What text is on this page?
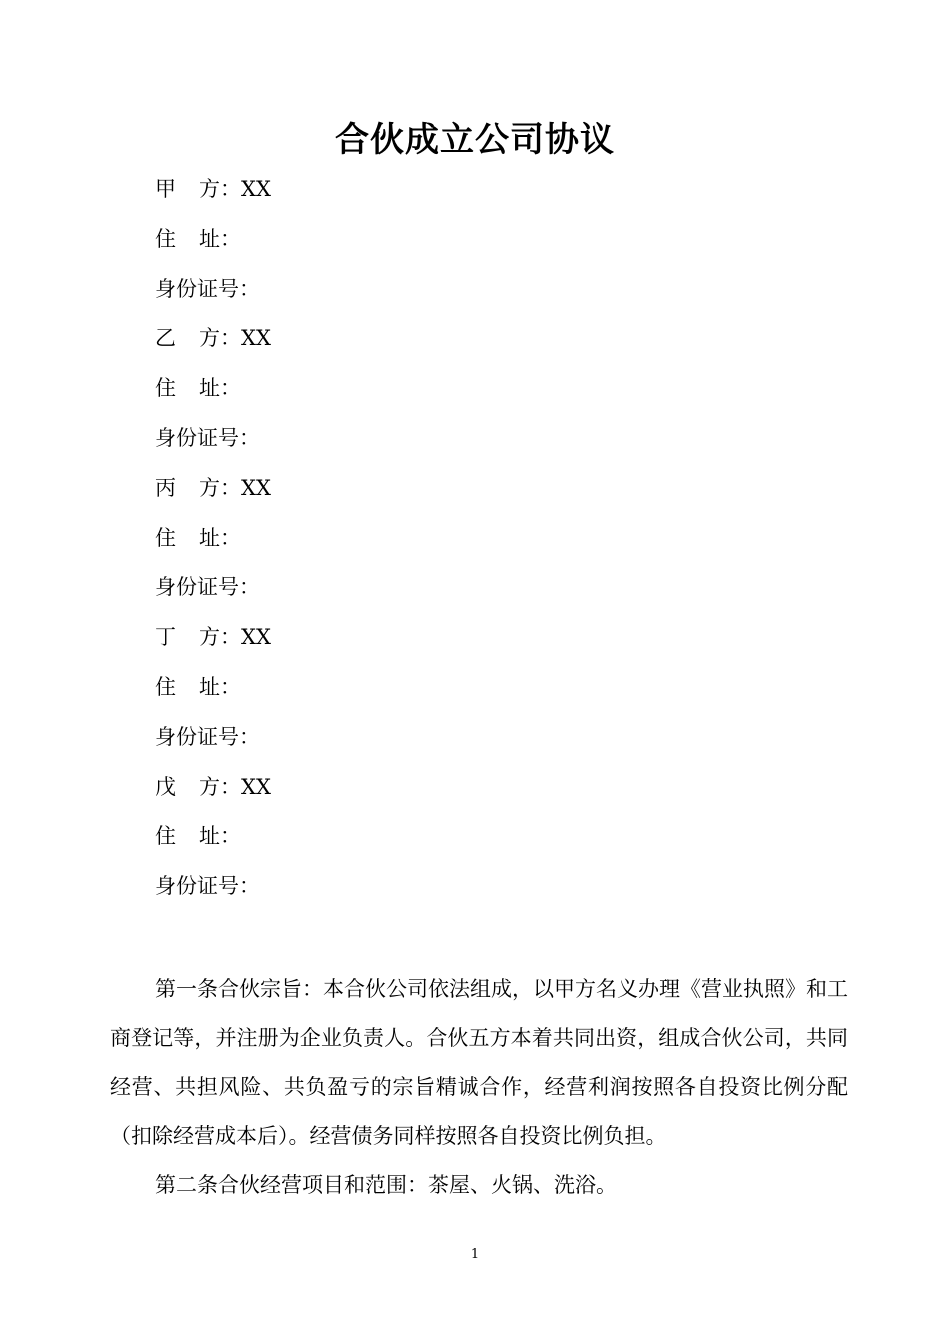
合伙成立公司协议
甲 方：XX
住 址：
身份证号：
乙 方：XX
住 址：
身份证号：
丙 方：XX
住 址：
身份证号：
丁 方：XX
住 址：
身份证号：
戊 方：XX
住 址：
身份证号：

第一条合伙宗旨：本合伙公司依法组成，以甲方名义办理《营业执照》和工商登记等，并注册为企业负责人。合伙五方本着共同出资，组成合伙公司，共同经营、共担风险、共负盈亏的宗旨精诚合作，经营利润按照各自投资比例分配（扣除经营成本后）。经营债务同样按照各自投资比例负担。

第二条合伙经营项目和范围：茶屋、火锅、洗浴。

1
